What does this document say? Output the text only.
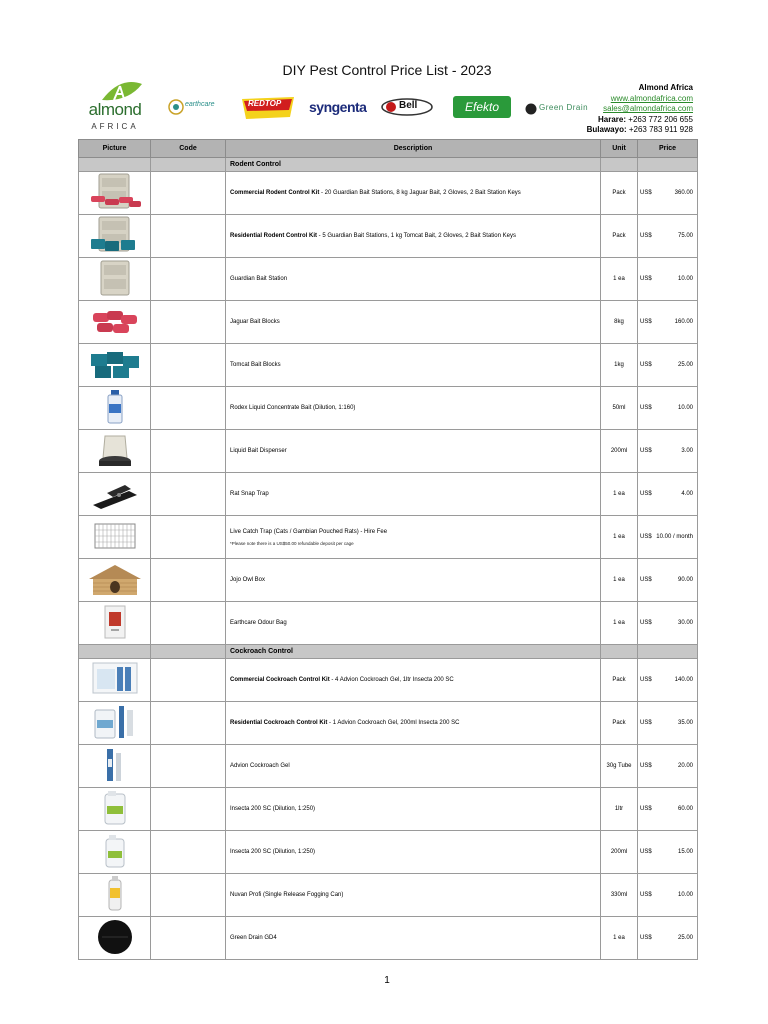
DIY Pest Control Price List - 2023
almond
AFRICA
earthcare	REDTOP syngenta	Bell	Efekto	Green Drain
Almond Africa
www.almondafrica.com
sales@almondafrica.com
Harare: +263 772 206 655
Bulawayo: +263 783 911 928
Picture	Code	Description	Unit	Price
		Rodent Control		
		Commercial Rodent Control Kit - 20 Guardian Bait Stations, 8 kg Jaguar Bait, 2 Gloves, 2 Bait Station Keys	Pack	US$ 360.00

		Residential Rodent Control Kit - 5 Guardian Bait Stations, 1 kg Tomcat Bait, 2 Gloves, 2 Bait Station Keys	Pack	US$ 75.00

		Guardian Bait Station	1 ea	US$ 10.00

		Jaguar Bait Blocks	8kg	US$ 160.00

		Tomcat Bait Blocks	1kg	US$ 25.00

		Rodex Liquid Concentrate Bait (Dilution, 1:160)	50ml	US$ 10.00

		Liquid Bait Dispenser	200ml	US$ 3.00

		Rat Snap Trap	1 ea	US$ 4.00

		Live Catch Trap (Cats / Gambian Pouched Rats) - Hire Fee
*Please note there is a US$50.00 refundable deposit per cage	1 ea	US$ 10.00 / month

		Jojo Owl Box	1 ea	US$ 90.00

		Earthcare Odour Bag	1 ea	US$ 30.00

		Cockroach Control		
		Commercial Cockroach Control Kit - 4 Advion Cockroach Gel, 1ltr Insecta 200 SC	Pack	US$ 140.00

		Residential Cockroach Control Kit - 1 Advion Cockroach Gel, 200ml Insecta 200 SC	Pack	US$ 35.00

		Advion Cockroach Gel	30g Tube	US$ 20.00

		Insecta 200 SC (Dilution, 1:250)	1ltr	US$ 60.00

		Insecta 200 SC (Dilution, 1:250)	200ml	US$ 15.00

		Nuvan Profi (Single Release Fogging Can)	330ml	US$ 10.00

		Green Drain GD4	1 ea	US$ 25.00
1
